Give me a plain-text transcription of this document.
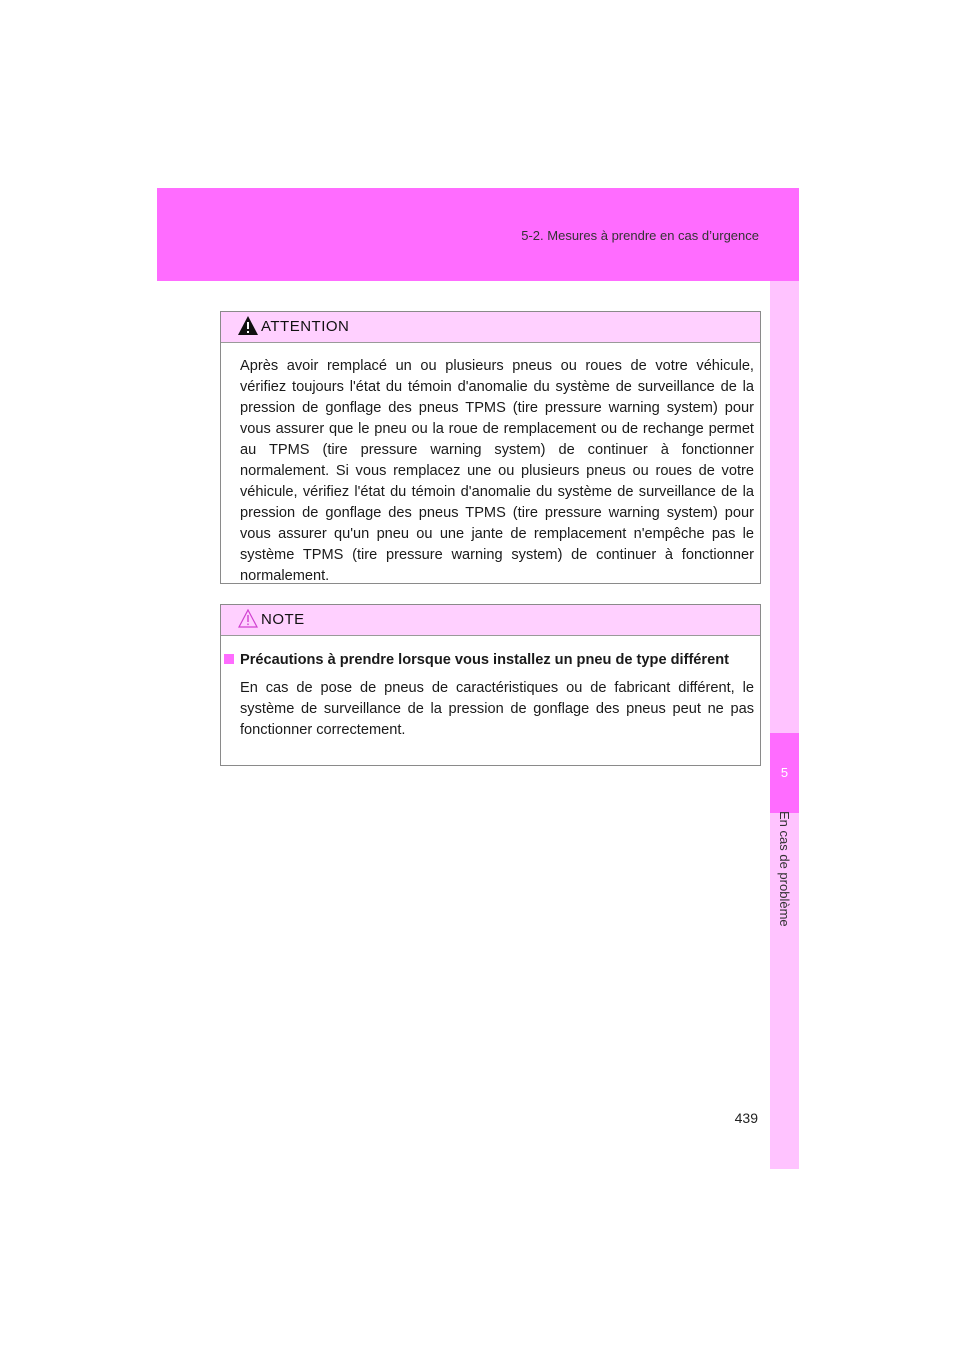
5-2. Mesures à prendre en cas d’urgence
5
En cas de problème
ATTENTION
Après avoir remplacé un ou plusieurs pneus ou roues de votre véhicule, vérifiez toujours l'état du témoin d'anomalie du système de surveillance de la pression de gonflage des pneus TPMS (tire pressure warning system) pour vous assurer que le pneu ou la roue de remplacement ou de rechange permet au TPMS (tire pressure warning system) de continuer à fonctionner normalement. Si vous remplacez une ou plusieurs pneus ou roues de votre véhicule, vérifiez l'état du témoin d'anomalie du système de surveillance de la pression de gonflage des pneus TPMS (tire pressure warning system) pour vous assurer qu'un pneu ou une jante de remplacement n'empêche pas le système TPMS (tire pressure warning system) de continuer à fonctionner normalement.
NOTE
Précautions à prendre lorsque vous installez un pneu de type différent
En cas de pose de pneus de caractéristiques ou de fabricant différent, le système de surveillance de la pression de gonflage des pneus peut ne pas fonctionner correctement.
439
